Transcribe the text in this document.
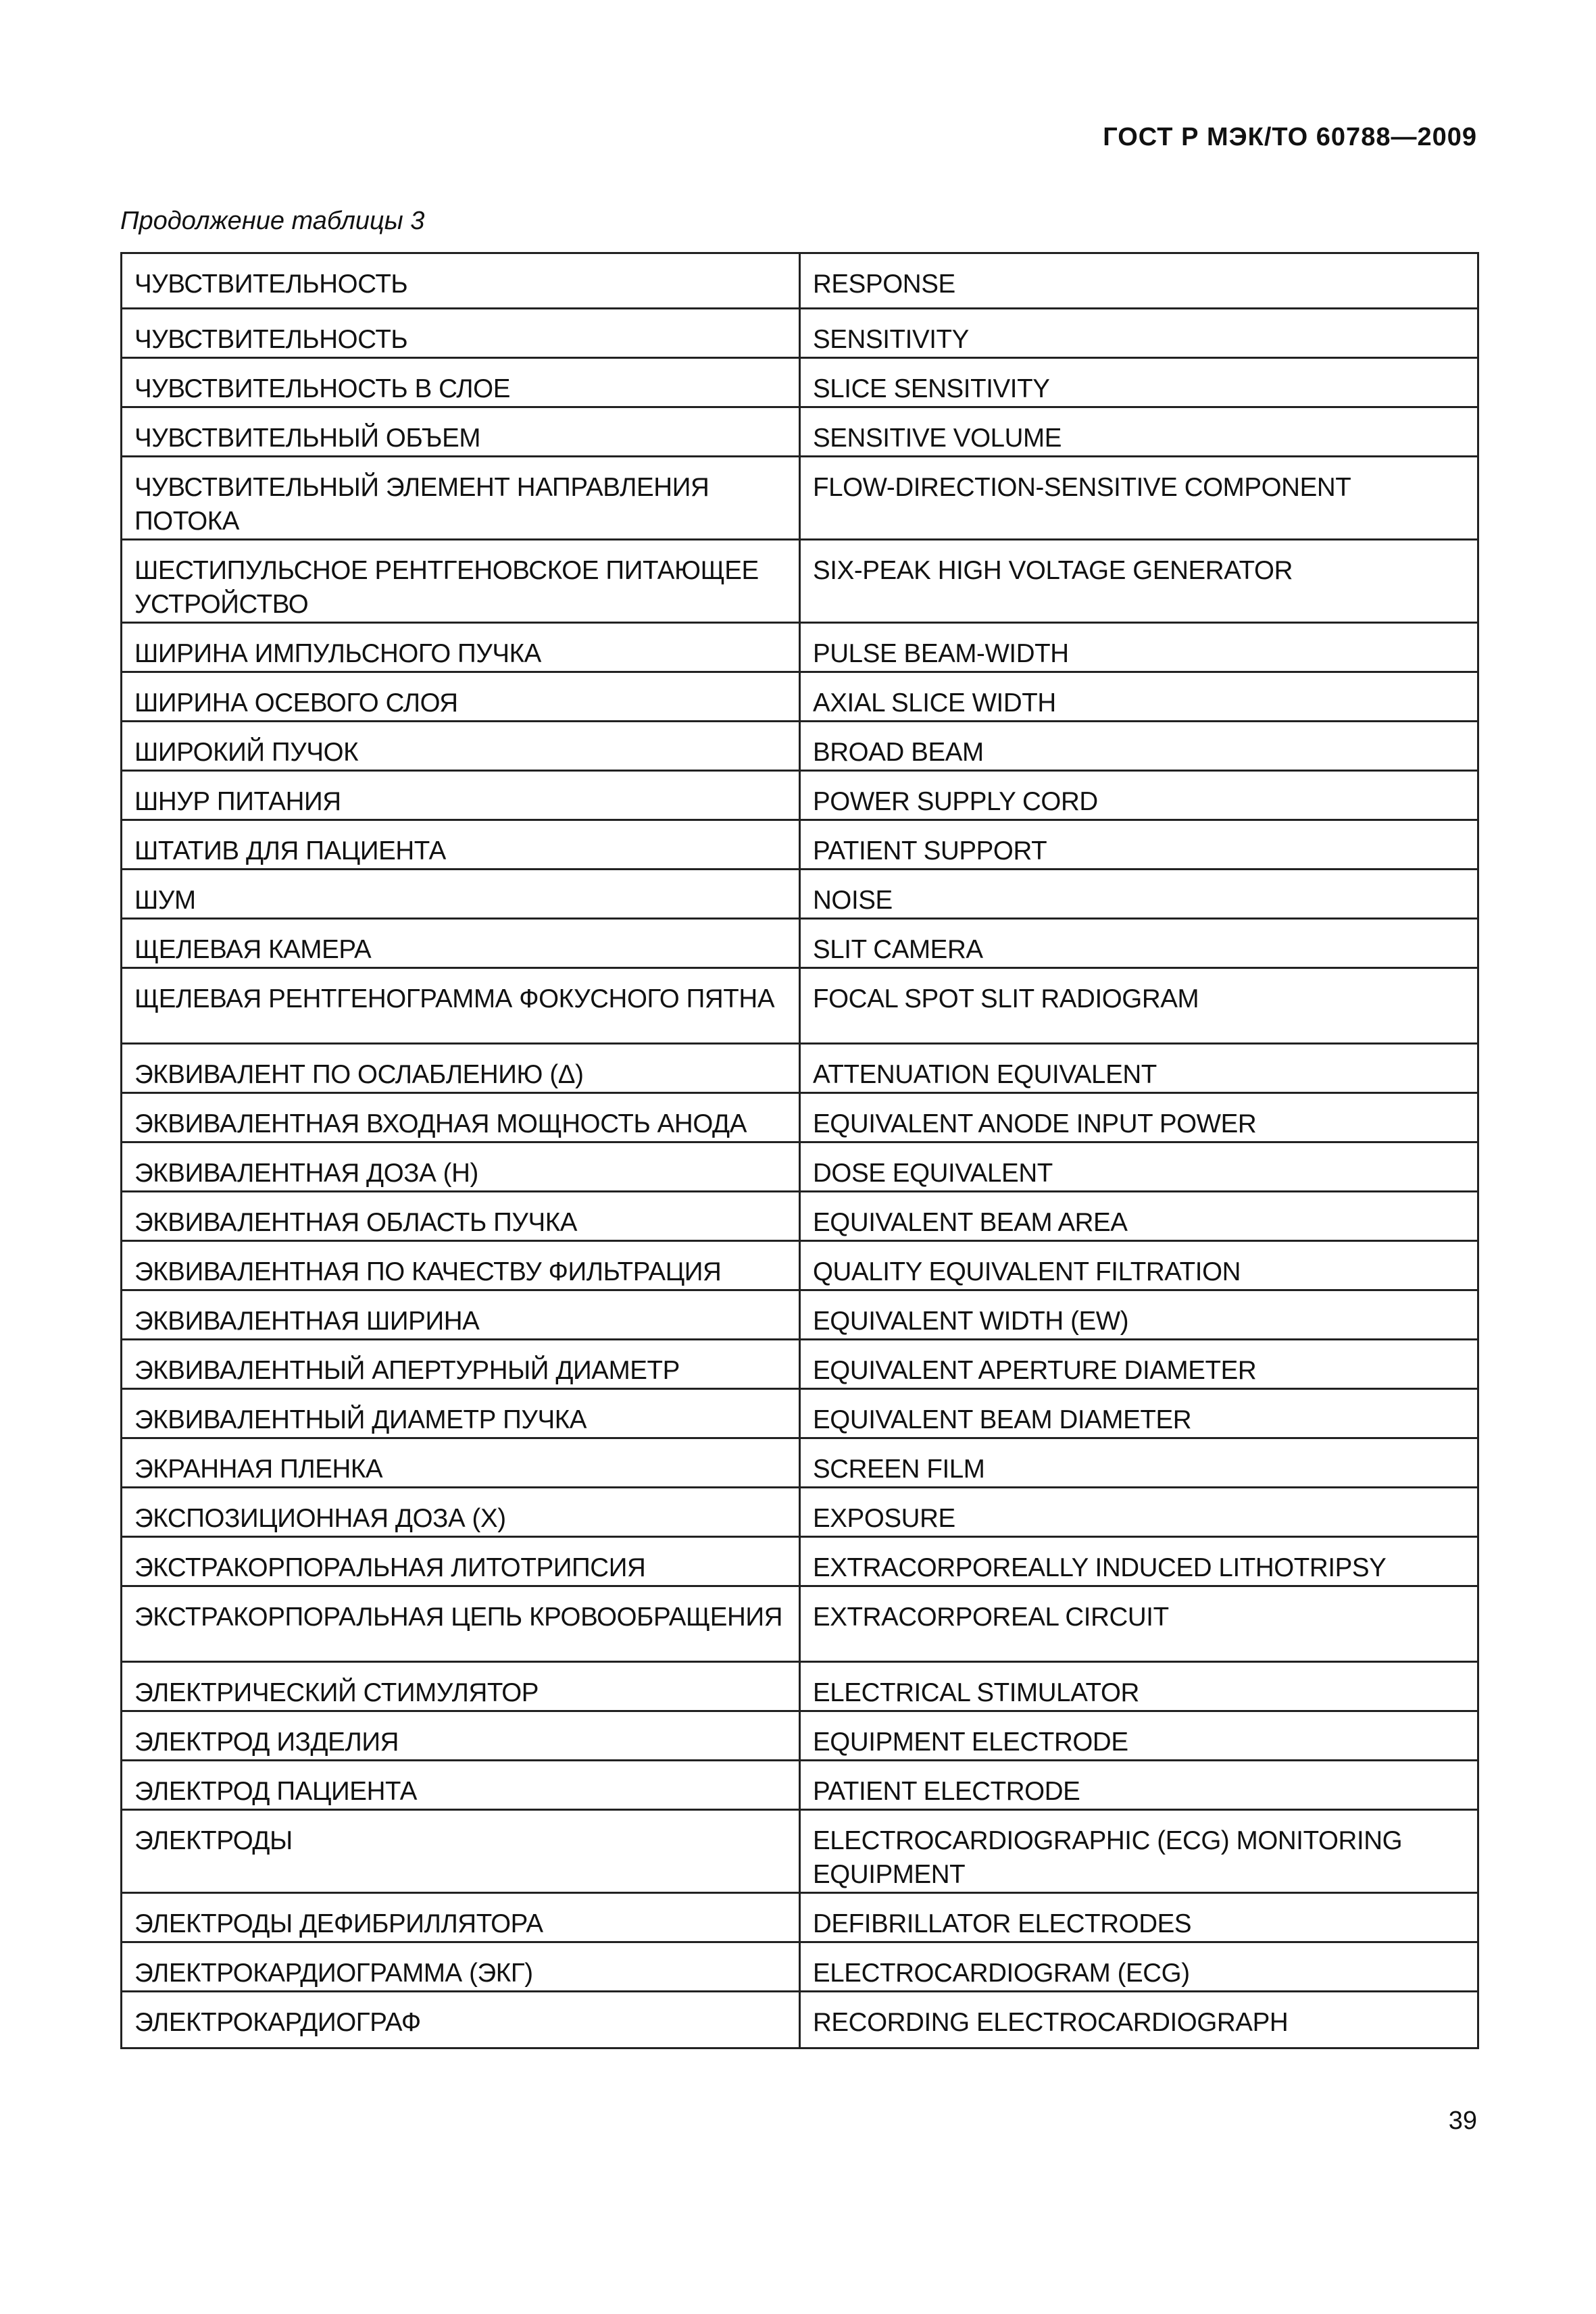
ГОСТ Р МЭК/ТО 60788—2009
Продолжение таблицы 3
ЧУВСТВИТЕЛЬНОСТЬ	RESPONSE
ЧУВСТВИТЕЛЬНОСТЬ	SENSITIVITY
ЧУВСТВИТЕЛЬНОСТЬ В СЛОЕ	SLICE SENSITIVITY
ЧУВСТВИТЕЛЬНЫЙ ОБЪЕМ	SENSITIVE VOLUME
ЧУВСТВИТЕЛЬНЫЙ ЭЛЕМЕНТ НАПРАВЛЕНИЯ ПОТОКА	FLOW-DIRECTION-SENSITIVE COMPONENT
ШЕСТИПУЛЬСНОЕ РЕНТГЕНОВСКОЕ ПИТАЮЩЕЕ УСТРОЙСТВО	SIX-PEAK HIGH VOLTAGE GENERATOR
ШИРИНА ИМПУЛЬСНОГО ПУЧКА	PULSE BEAM-WIDTH
ШИРИНА ОСЕВОГО СЛОЯ	AXIAL SLICE WIDTH
ШИРОКИЙ ПУЧОК	BROAD BEAM
ШНУР ПИТАНИЯ	POWER SUPPLY CORD
ШТАТИВ ДЛЯ ПАЦИЕНТА	PATIENT SUPPORT
ШУМ	NOISE
ЩЕЛЕВАЯ КАМЕРА	SLIT CAMERA
ЩЕЛЕВАЯ РЕНТГЕНОГРАММА ФОКУСНОГО ПЯТНА	FOCAL SPOT SLIT RADIOGRAM
ЭКВИВАЛЕНТ ПО ОСЛАБЛЕНИЮ (Δ)	ATTENUATION EQUIVALENT
ЭКВИВАЛЕНТНАЯ ВХОДНАЯ МОЩНОСТЬ АНОДА	EQUIVALENT ANODE INPUT POWER
ЭКВИВАЛЕНТНАЯ ДОЗА (H)	DOSE EQUIVALENT
ЭКВИВАЛЕНТНАЯ ОБЛАСТЬ ПУЧКА	EQUIVALENT BEAM AREA
ЭКВИВАЛЕНТНАЯ ПО КАЧЕСТВУ ФИЛЬТРАЦИЯ	QUALITY EQUIVALENT FILTRATION
ЭКВИВАЛЕНТНАЯ ШИРИНА	EQUIVALENT WIDTH (EW)
ЭКВИВАЛЕНТНЫЙ АПЕРТУРНЫЙ ДИАМЕТР	EQUIVALENT APERTURE DIAMETER
ЭКВИВАЛЕНТНЫЙ ДИАМЕТР ПУЧКА	EQUIVALENT BEAM DIAMETER
ЭКРАННАЯ ПЛЕНКА	SCREEN FILM
ЭКСПОЗИЦИОННАЯ ДОЗА (X)	EXPOSURE
ЭКСТРАКОРПОРАЛЬНАЯ ЛИТОТРИПСИЯ	EXTRACORPOREALLY INDUCED LITHOTRIPSY
ЭКСТРАКОРПОРАЛЬНАЯ ЦЕПЬ КРОВООБРАЩЕНИЯ	EXTRACORPOREAL CIRCUIT
ЭЛЕКТРИЧЕСКИЙ СТИМУЛЯТОР	ELECTRICAL STIMULATOR
ЭЛЕКТРОД ИЗДЕЛИЯ	EQUIPMENT ELECTRODE
ЭЛЕКТРОД ПАЦИЕНТА	PATIENT ELECTRODE
ЭЛЕКТРОДЫ	ELECTROCARDIOGRAPHIC (ECG) MONITORING EQUIPMENT
ЭЛЕКТРОДЫ ДЕФИБРИЛЛЯТОРА	DEFIBRILLATOR ELECTRODES
ЭЛЕКТРОКАРДИОГРАММА (ЭКГ)	ELECTROCARDIOGRAM (ECG)
ЭЛЕКТРОКАРДИОГРАФ	RECORDING ELECTROCARDIOGRAPH
39
